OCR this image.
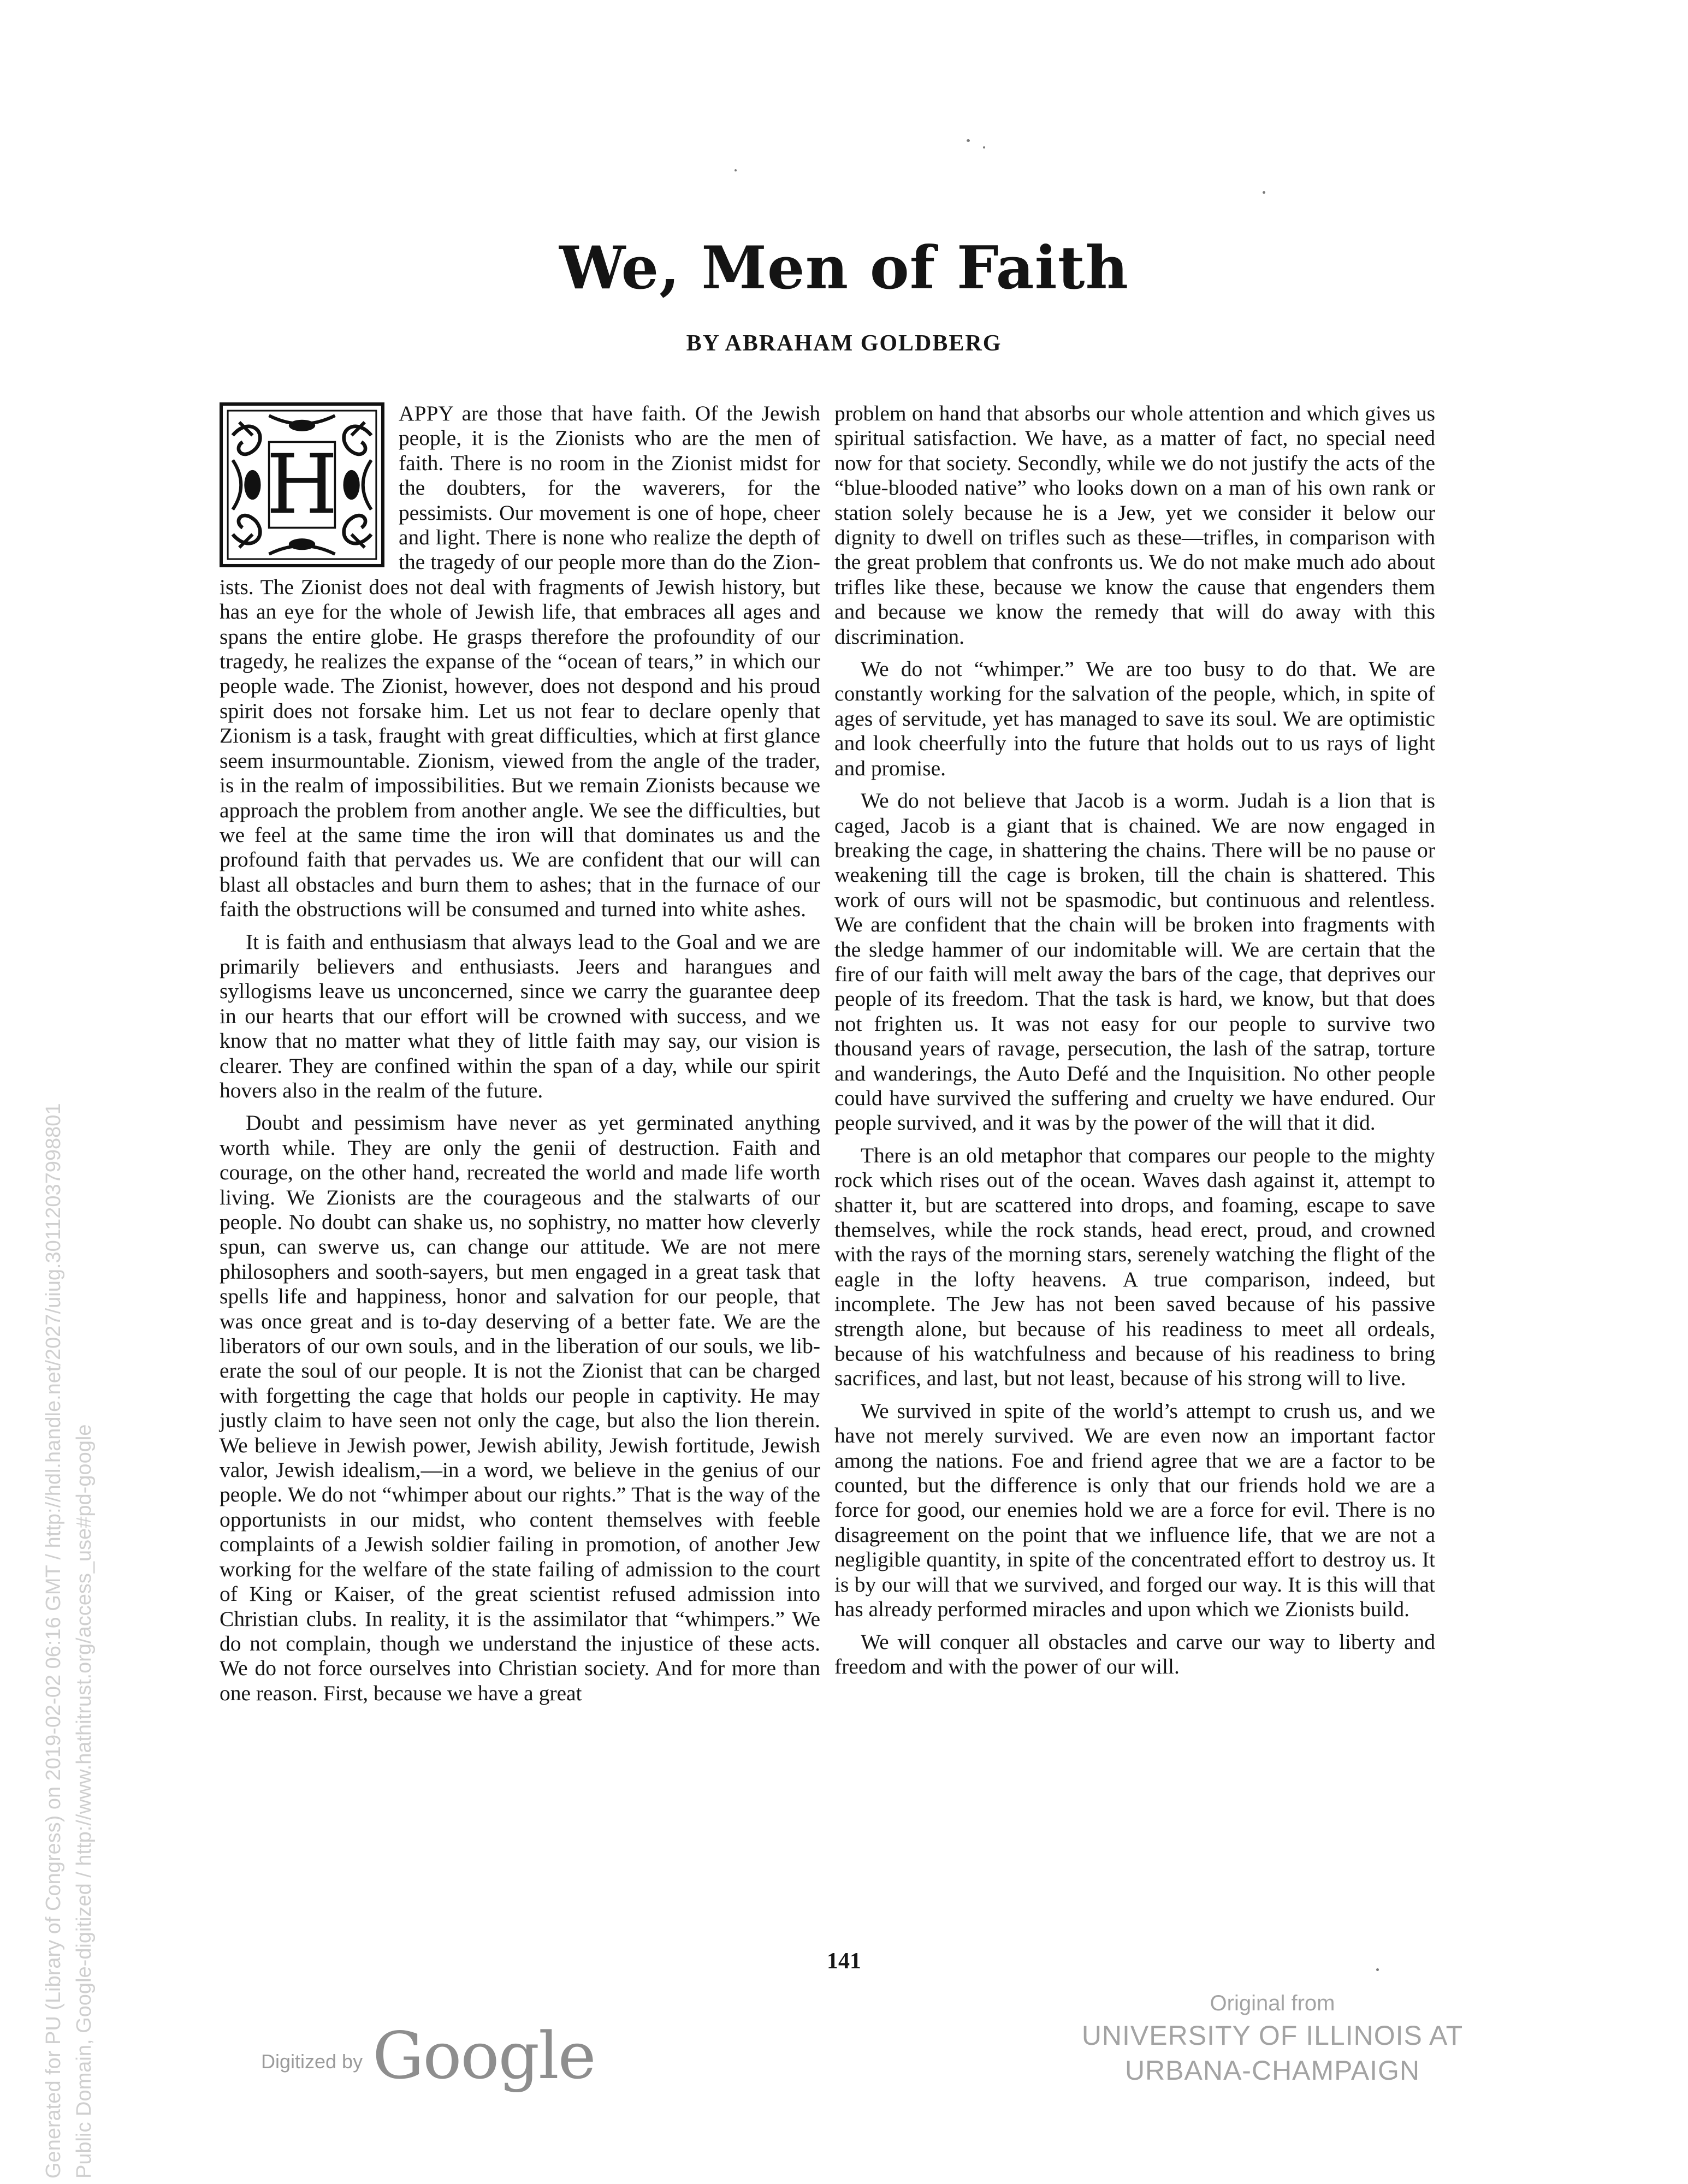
Generated for PU (Library of Congress) on 2019-02-02 06:16 GMT / http://hdl.handle.net/2027/uiug.30112037998801 Public Domain, Google-digitized / http://www.hathitrust.org/access_use#pd-google
We, Men of Faith
BY ABRAHAM GOLDBERG

H
APPY are those that have faith. Of the Jewish people, it is the Zionists who are the men of faith. There is no room in the Zionist midst for the doubters, for the waverers, for the pessimists. Our movement is one of hope, cheer and light. There is none who realize the depth of the tragedy of our people more than do the Zionists. The Zionist does not deal with fragments of Jewish history, but has an eye for the whole of Jewish life, that embraces all ages and spans the entire globe. He grasps therefore the profoundity of our tragedy, he realizes the expanse of the “ocean of tears,” in which our people wade. The Zionist, however, does not despond and his proud spirit does not forsake him. Let us not fear to declare openly that Zionism is a task, fraught with great difficulties, which at first glance seem insurmountable. Zionism, viewed from the angle of the trader, is in the realm of impossibilities. But we remain Zionists because we approach the problem from another angle. We see the difficulties, but we feel at the same time the iron will that dominates us and the profound faith that pervades us. We are confident that our will can blast all obstacles and burn them to ashes; that in the furnace of our faith the obstructions will be consumed and turned into white ashes.

It is faith and enthusiasm that always lead to the Goal and we are primarily believers and enthusiasts. Jeers and harangues and syllogisms leave us unconcerned, since we carry the guarantee deep in our hearts that our effort will be crowned with success, and we know that no matter what they of little faith may say, our vision is clearer. They are confined within the span of a day, while our spirit hovers also in the realm of the future.

Doubt and pessimism have never as yet germinated anything worth while. They are only the genii of destruction. Faith and courage, on the other hand, recreated the world and made life worth living. We Zionists are the courageous and the stalwarts of our people. No doubt can shake us, no sophistry, no matter how cleverly spun, can swerve us, can change our attitude. We are not mere philosophers and sooth-sayers, but men engaged in a great task that spells life and happiness, honor and salvation for our people, that was once great and is to-day deserving of a better fate. We are the liberators of our own souls, and in the liberation of our souls, we liberate the soul of our people. It is not the Zionist that can be charged with forgetting the cage that holds our people in captivity. He may justly claim to have seen not only the cage, but also the lion therein. We believe in Jewish power, Jewish ability, Jewish fortitude, Jewish valor, Jewish idealism,—in a word, we believe in the genius of our people. We do not “whimper about our rights.” That is the way of the opportunists in our midst, who content themselves with feeble complaints of a Jewish soldier failing in promotion, of another Jew working for the welfare of the state failing of admission to the court of King or Kaiser, of the great scientist refused admission into Christian clubs. In reality, it is the assimilator that “whimpers.” We do not complain, though we understand the injustice of these acts. We do not force ourselves into Christian society. And for more than one reason. First, because we have a great

problem on hand that absorbs our whole attention and which gives us spiritual satisfaction. We have, as a matter of fact, no special need now for that society. Secondly, while we do not justify the acts of the “blue-blooded native” who looks down on a man of his own rank or station solely because he is a Jew, yet we consider it below our dignity to dwell on trifles such as these—trifles, in comparison with the great problem that confronts us. We do not make much ado about trifles like these, because we know the cause that engenders them and because we know the remedy that will do away with this discrimination.

We do not “whimper.” We are too busy to do that. We are constantly working for the salvation of the people, which, in spite of ages of servitude, yet has managed to save its soul. We are optimistic and look cheerfully into the future that holds out to us rays of light and promise.

We do not believe that Jacob is a worm. Judah is a lion that is caged, Jacob is a giant that is chained. We are now engaged in breaking the cage, in shattering the chains. There will be no pause or weakening till the cage is broken, till the chain is shattered. This work of ours will not be spasmodic, but continuous and relentless. We are confident that the chain will be broken into fragments with the sledge hammer of our indomitable will. We are certain that the fire of our faith will melt away the bars of the cage, that deprives our people of its freedom. That the task is hard, we know, but that does not frighten us. It was not easy for our people to survive two thousand years of ravage, persecution, the lash of the satrap, torture and wanderings, the Auto Defé and the Inquisition. No other people could have survived the suffering and cruelty we have endured. Our people survived, and it was by the power of the will that it did.

There is an old metaphor that compares our people to the mighty rock which rises out of the ocean. Waves dash against it, attempt to shatter it, but are scattered into drops, and foaming, escape to save themselves, while the rock stands, head erect, proud, and crowned with the rays of the morning stars, serenely watching the flight of the eagle in the lofty heavens. A true comparison, indeed, but incomplete. The Jew has not been saved because of his passive strength alone, but because of his readiness to meet all ordeals, because of his watchfulness and because of his readiness to bring sacrifices, and last, but not least, because of his strong will to live.

We survived in spite of the world’s attempt to crush us, and we have not merely survived. We are even now an important factor among the nations. Foe and friend agree that we are a factor to be counted, but the difference is only that our friends hold we are a force for good, our enemies hold we are a force for evil. There is no disagreement on the point that we influence life, that we are not a negligible quantity, in spite of the concentrated effort to destroy us. It is by our will that we survived, and forged our way. It is this will that has already performed miracles and upon which we Zionists build.

We will conquer all obstacles and carve our way to liberty and freedom and with the power of our will.

141
Digitized by Google
Original from
UNIVERSITY OF ILLINOIS AT
URBANA-CHAMPAIGN
